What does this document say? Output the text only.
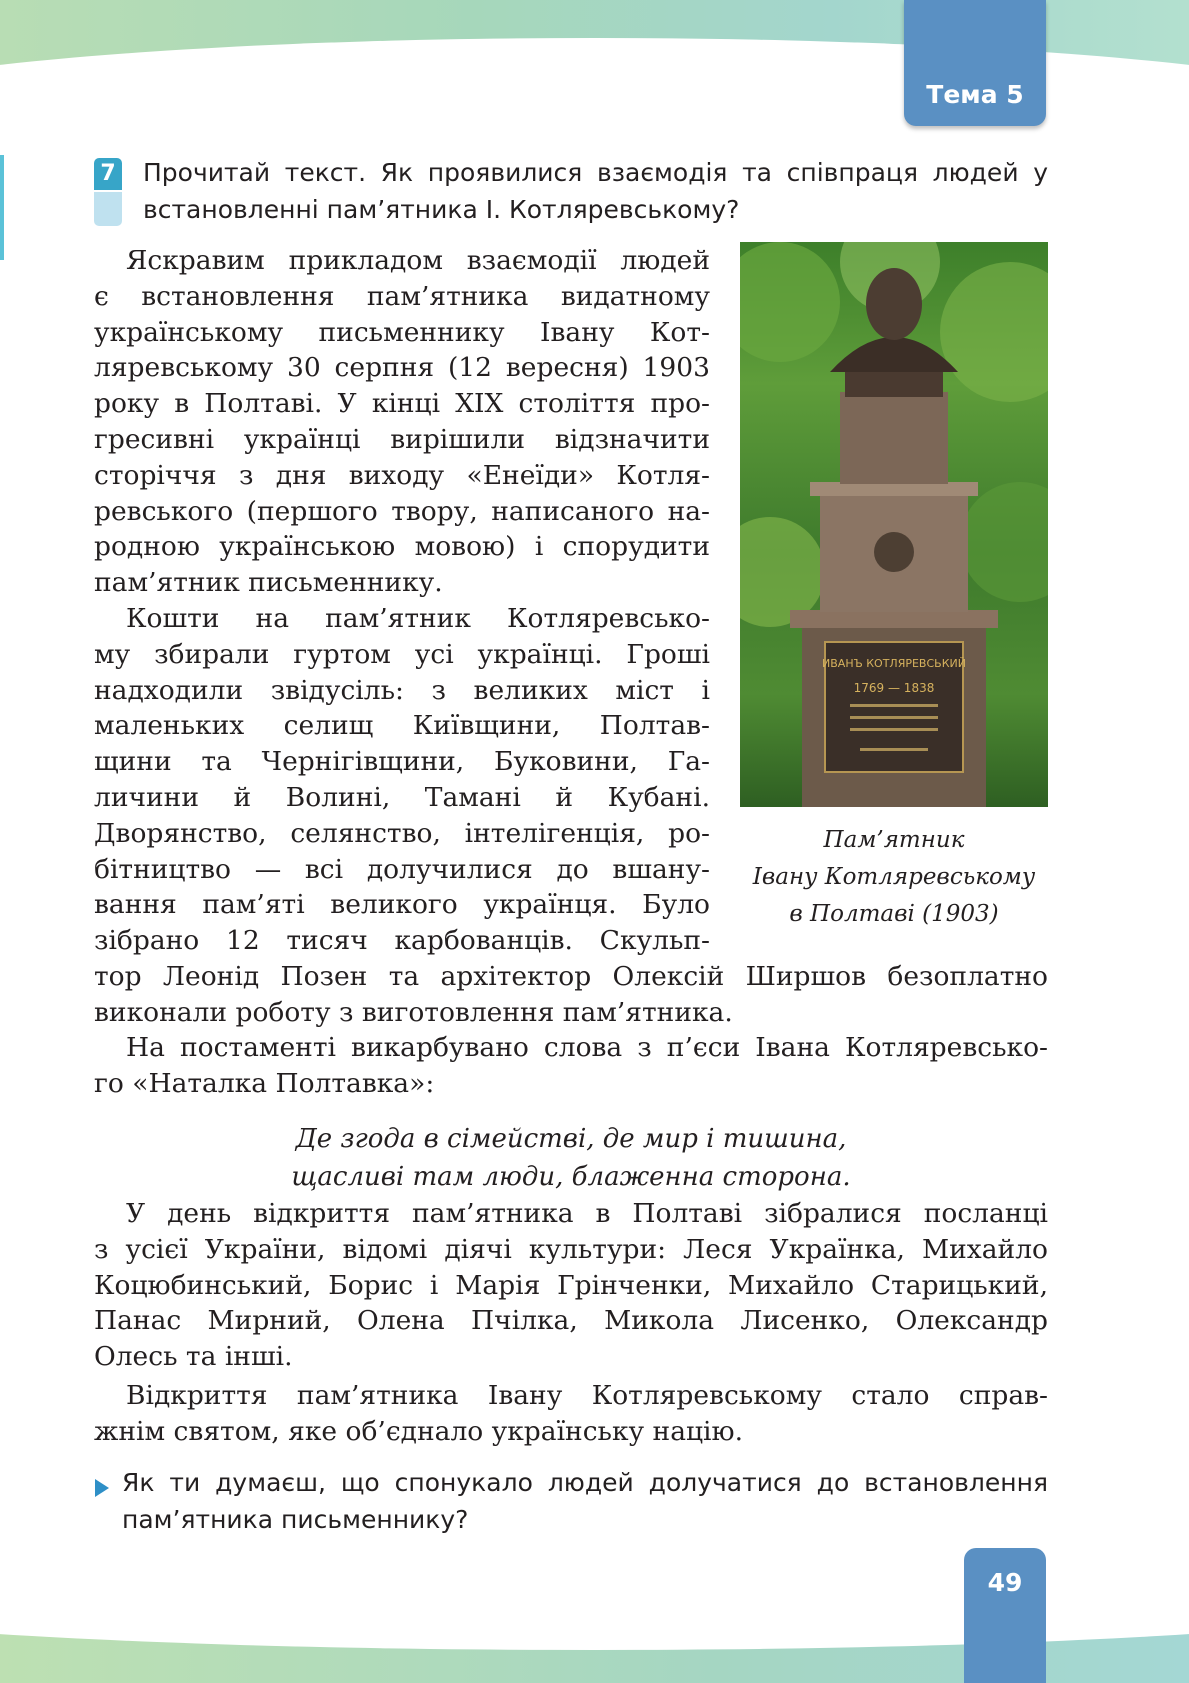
Тема 5
7 Прочитай текст. Як проявилися взаємодія та співпраця людей у встановленні пам’ятника І. Котляревському?

ИВАНЪ КОТЛЯРЕВСЬКИЙ
1769 — 1838
Пам’ятник
Івану Котляревському
в Полтаві (1903)
Яскравим прикладом взаємодії людей
є встановлення пам’ятника видатному
українському письменнику Івану Кот-
ляревському 30 серпня (12 вересня) 1903
року в Полтаві. У кінці XIX століття про-
гресивні українці вирішили відзначити
сторіччя з дня виходу «Енеїди» Котля-
ревського (першого твору, написаного на-
родною українською мовою) і спорудити
пам’ятник письменнику.
Кошти на пам’ятник Котляревсько-
му збирали гуртом усі українці. Гроші
надходили звідусіль: з великих міст і
маленьких селищ Київщини, Полтав-
щини та Чернігівщини, Буковини, Га-
личини й Волині, Тамані й Кубані.
Дворянство, селянство, інтелігенція, ро-
бітництво — всі долучилися до вшану-
вання пам’яті великого українця. Було
зібрано 12 тисяч карбованців. Скульп-
тор Леонід Позен та архітектор Олексій Ширшов безоплатно
виконали роботу з виготовлення пам’ятника.
На постаменті викарбувано слова з п’єси Івана Котляревсько-
го «Наталка Полтавка»:
Де згода в сімействі, де мир і тишина,
щасливі там люди, блаженна сторона.
У день відкриття пам’ятника в Полтаві зібралися посланці
з усієї України, відомі діячі культури: Леся Українка, Михайло
Коцюбинський, Борис і Марія Грінченки, Михайло Старицький,
Панас Мирний, Олена Пчілка, Микола Лисенко, Олександр
Олесь та інші.
Відкриття пам’ятника Івану Котляревському стало справ-
жнім святом, яке об’єднало українську націю.

Як ти думаєш, що спонукало людей долучатися до встановлення пам’ятника письменнику?

49
